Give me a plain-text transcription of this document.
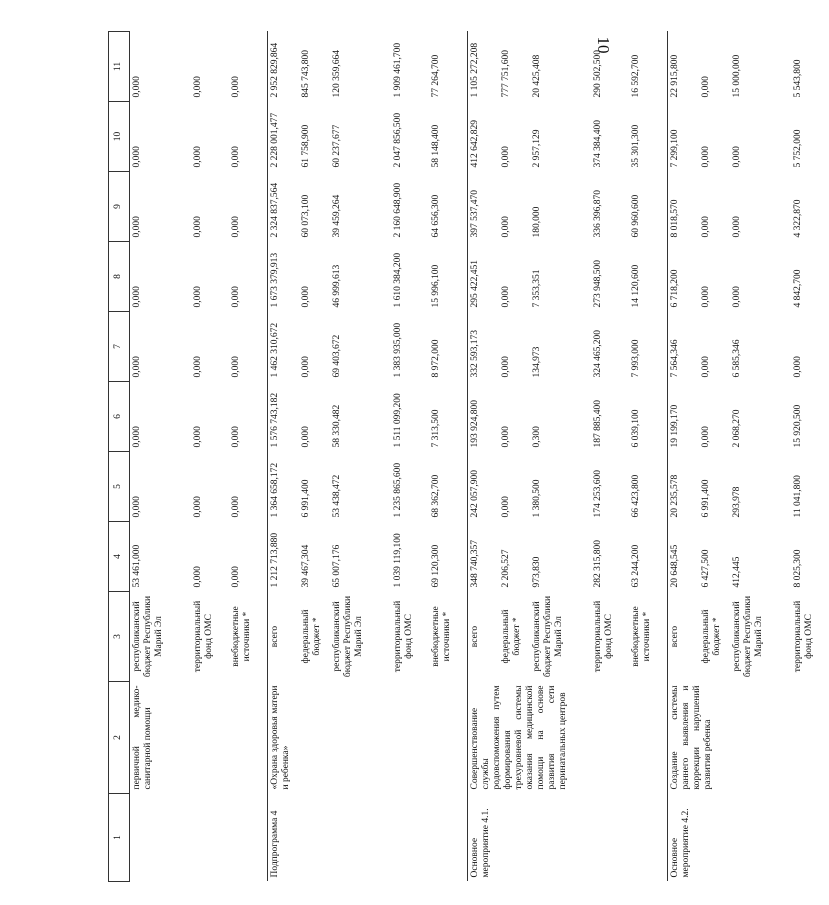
10
1	2	3	4	5	6	7	8	9	10	11
	первичной медико-санитарной помощи	республиканский бюджет Республики Марий Эл	53 461,000	0,000	0,000	0,000	0,000	0,000	0,000	0,000
		территориальный фонд ОМС	0,000	0,000	0,000	0,000	0,000	0,000	0,000	0,000
		внебюджетные источники *	0,000	0,000	0,000	0,000	0,000	0,000	0,000	0,000
Подпрограмма 4	«Охрана здоровья матери и ребенка»	всего	1 212 713,880	1 364 658,172	1 576 743,182	1 462 310,672	1 673 379,913	2 324 837,564	2 228 001,477	2 952 829,864
		федеральный бюджет *	39 467,304	6 991,400	0,000	0,000	0,000	60 073,100	61 758,900	845 743,800
		республиканский бюджет Республики Марий Эл	65 007,176	53 438,472	58 330,482	69 403,672	46 999,613	39 459,264	60 237,677	120 359,664
		территориальный фонд ОМС	1 039 119,100	1 235 865,600	1 511 099,200	1 383 935,000	1 610 384,200	2 160 648,900	2 047 856,500	1 909 461,700
		внебюджетные источники *	69 120,300	68 362,700	7 313,500	8 972,000	15 996,100	64 656,300	58 148,400	77 264,700
Основное мероприятие 4.1.	Совершенствование службы родовспоможения путем формирования трехуровневой системы оказания медицинской помощи на основе развития сети перинатальных центров	всего	348 740,357	242 057,900	193 924,800	332 593,173	295 422,451	397 537,470	412 642,829	1 105 272,208
		федеральный бюджет *	2 206,527	0,000	0,000	0,000	0,000	0,000	0,000	777 751,600
		республиканский бюджет Республики Марий Эл	973,830	1 380,500	0,300	134,973	7 353,351	180,000	2 957,129	20 425,408
		территориальный фонд ОМС	282 315,800	174 253,600	187 885,400	324 465,200	273 948,500	336 396,870	374 384,400	290 502,500
		внебюджетные источники *	63 244,200	66 423,800	6 039,100	7 993,000	14 120,600	60 960,600	35 301,300	16 592,700
Основное мероприятие 4.2.	Создание системы раннего выявления и коррекции нарушений развития ребенка	всего	20 648,545	20 235,578	19 199,170	7 564,346	6 718,200	8 018,570	7 299,100	22 915,800
		федеральный бюджет *	6 427,500	6 991,400	0,000	0,000	0,000	0,000	0,000	0,000
		республиканский бюджет Республики Марий Эл	412,445	293,978	2 068,270	6 585,346	0,000	0,000	0,000	15 000,000
		территориальный фонд ОМС	8 025,300	11 041,800	15 920,500	0,000	4 842,700	4 322,870	5 752,000	5 543,800
